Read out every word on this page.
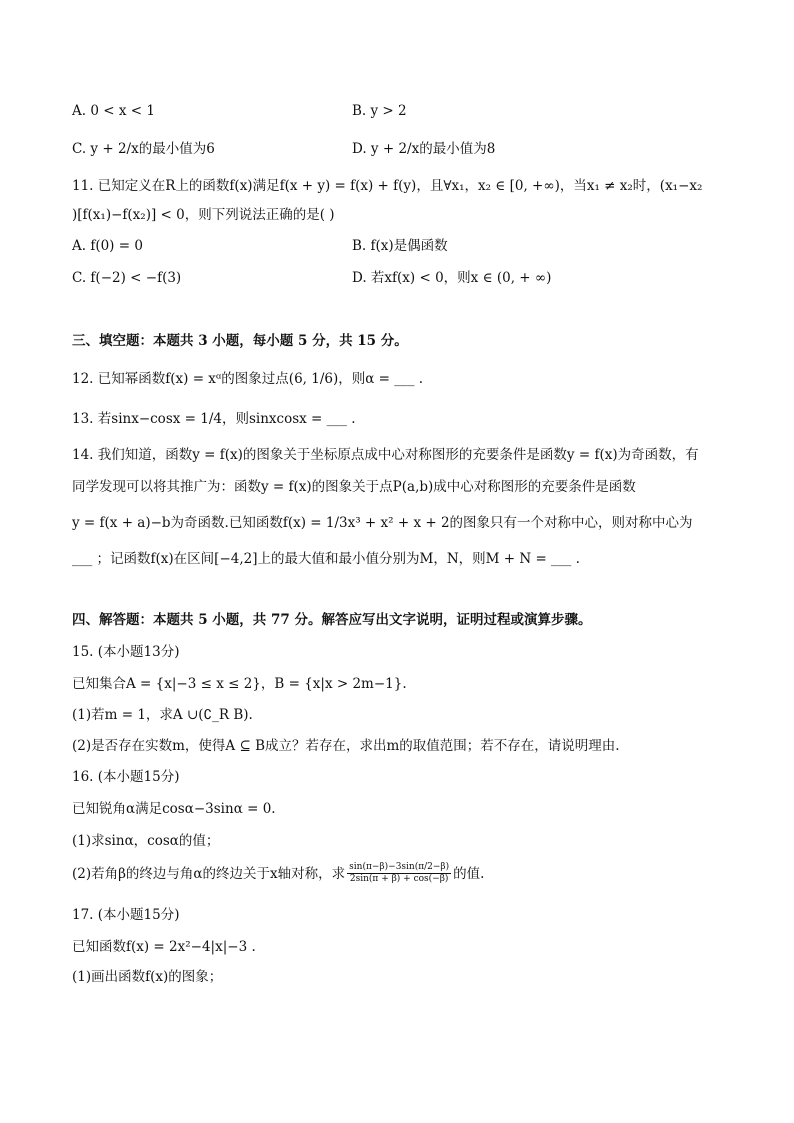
A. 0 < x < 1	B. y > 2
C. y + 2/x的最小值为6	D. y + 2/x的最小值为8
11. 已知定义在R上的函数f(x)满足f(x + y) = f(x) + f(y)，且∀x₁，x₂ ∈ [0, +∞)，当x₁ ≠ x₂时，(x₁−x₂
)[f(x₁)−f(x₂)] < 0，则下列说法正确的是( )
A. f(0) = 0	B. f(x)是偶函数
C. f(−2) < −f(3)	D. 若xf(x) < 0，则x ∈ (0, + ∞)
三、填空题：本题共 3 小题，每小题 5 分，共 15 分。
12. 已知幂函数f(x) = xᵅ的图象过点(6, 1/6)，则α = ___ .
13. 若sinx−cosx = 1/4，则sinxcosx = ___ .
14. 我们知道，函数y = f(x)的图象关于坐标原点成中心对称图形的充要条件是函数y = f(x)为奇函数，有
同学发现可以将其推广为：函数y = f(x)的图象关于点P(a,b)成中心对称图形的充要条件是函数
y = f(x + a)−b为奇函数.已知函数f(x) = 1/3x³ + x² + x + 2的图象只有一个对称中心，则对称中心为
___ ；记函数f(x)在区间[−4,2]上的最大值和最小值分别为M，N，则M + N = ___ .
四、解答题：本题共 5 小题，共 77 分。解答应写出文字说明，证明过程或演算步骤。
15. (本小题13分)
已知集合A = {x|−3 ≤ x ≤ 2}，B = {x|x > 2m−1}.
(1)若m = 1，求A ∪(∁_R B).
(2)是否存在实数m，使得A ⊆ B成立？若存在，求出m的取值范围；若不存在，请说明理由.
16. (本小题15分)
已知锐角α满足cosα−3sinα = 0.
(1)求sinα，cosα的值；
(2)若角β的终边与角α的终边关于x轴对称，求 $\frac{\sin(\pi-\beta)-3\sin(\pi/2-\beta)}{2\sin(\pi + \beta) + \cos(-\beta)}$ 的值.
17. (本小题15分)
已知函数f(x) = 2x²−4|x|−3 .
(1)画出函数f(x)的图象；
